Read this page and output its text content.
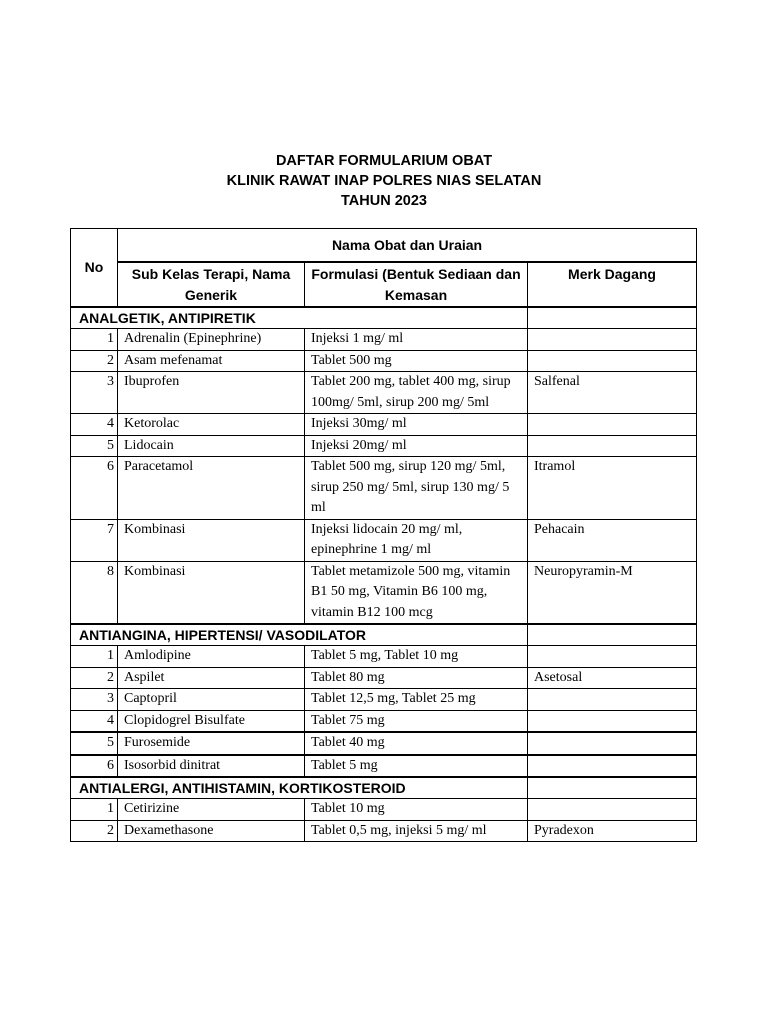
DAFTAR FORMULARIUM OBAT
KLINIK RAWAT INAP POLRES NIAS SELATAN
TAHUN 2023
No	Nama Obat dan Uraian		
	Sub Kelas Terapi, Nama Generik	Formulasi (Bentuk Sediaan dan Kemasan	Merk Dagang
ANALGETIK, ANTIPIRETIK			
1	Adrenalin (Epinephrine)	Injeksi 1 mg/ ml	
2	Asam mefenamat	Tablet 500 mg	
3	Ibuprofen	Tablet 200 mg, tablet 400 mg, sirup 100mg/ 5ml, sirup 200 mg/ 5ml	Salfenal
4	Ketorolac	Injeksi 30mg/ ml	
5	Lidocain	Injeksi 20mg/ ml	
6	Paracetamol	Tablet 500 mg, sirup 120 mg/ 5ml, sirup 250 mg/ 5ml, sirup 130 mg/ 5 ml	Itramol
7	Kombinasi	Injeksi lidocain 20 mg/ ml, epinephrine 1 mg/ ml	Pehacain
8	Kombinasi	Tablet metamizole 500 mg, vitamin B1 50 mg, Vitamin B6 100 mg, vitamin B12 100 mcg	Neuropyramin-M
ANTIANGINA, HIPERTENSI/ VASODILATOR			
1	Amlodipine	Tablet 5 mg, Tablet 10 mg	
2	Aspilet	Tablet 80 mg	Asetosal
3	Captopril	Tablet 12,5 mg, Tablet 25 mg	
4	Clopidogrel Bisulfate	Tablet 75 mg	
5	Furosemide	Tablet 40 mg	
6	Isosorbid dinitrat	Tablet 5 mg	
ANTIALERGI, ANTIHISTAMIN, KORTIKOSTEROID			
1	Cetirizine	Tablet 10 mg	
2	Dexamethasone	Tablet 0,5 mg, injeksi 5 mg/ ml	Pyradexon
